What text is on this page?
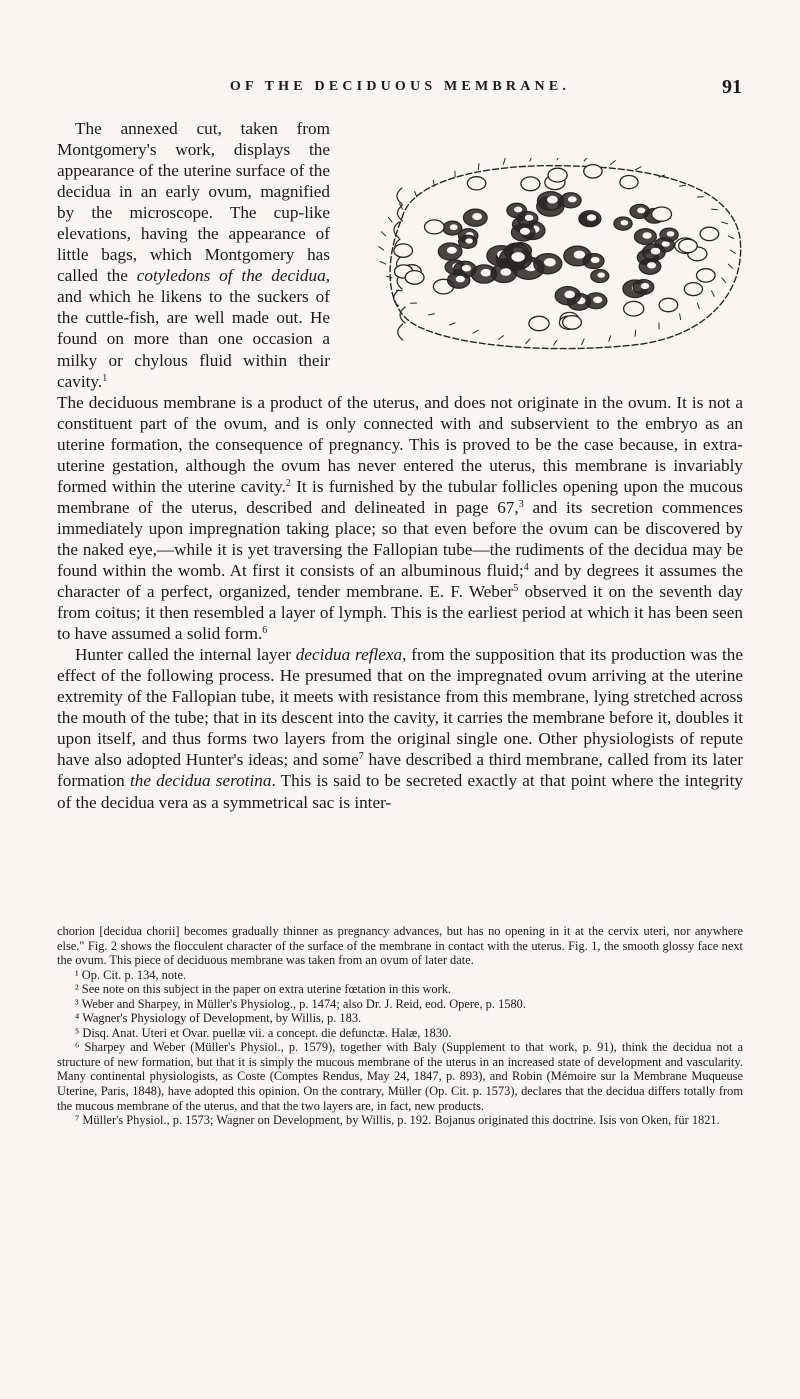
OF THE DECIDUOUS MEMBRANE.	91

The annexed cut, taken from Montgomery's work, displays the appearance of the uterine surface of the decidua in an early ovum, magnified by the microscope. The cup-like elevations, having the appearance of little bags, which Montgomery has called the cotyledons of the decidua, and which he likens to the suckers of the cuttle-fish, are well made out. He found on more than one occasion a milky or chylous fluid within their cavity.$^1$

The deciduous membrane is a product of the uterus, and does not originate in the ovum. It is not a constituent part of the ovum, and is only connected with and subservient to the embryo as an uterine formation, the consequence of pregnancy. This is proved to be the case because, in extra-uterine gestation, although the ovum has never entered the uterus, this membrane is invariably formed within the uterine cavity.$^2$ It is furnished by the tubular follicles opening upon the mucous membrane of the uterus, described and delineated in page 67,$^3$ and its secretion commences immediately upon impregnation taking place; so that even before the ovum can be discovered by the naked eye,—while it is yet traversing the Fallopian tube—the rudiments of the decidua may be found within the womb. At first it consists of an albuminous fluid;$^4$ and by degrees it assumes the character of a perfect, organized, tender membrane. E. F. Weber$^5$ observed it on the seventh day from coitus; it then resembled a layer of lymph. This is the earliest period at which it has been seen to have assumed a solid form.$^6$

Hunter called the internal layer decidua reflexa, from the supposition that its production was the effect of the following process. He presumed that on the impregnated ovum arriving at the uterine extremity of the Fallopian tube, it meets with resistance from this membrane, lying stretched across the mouth of the tube; that in its descent into the cavity, it carries the membrane before it, doubles it upon itself, and thus forms two layers from the original single one. Other physiologists of repute have also adopted Hunter's ideas; and some$^7$ have described a third membrane, called from its later formation the decidua serotina. This is said to be secreted exactly at that point where the integrity of the decidua vera as a symmetrical sac is inter-

chorion [decidua chorii] becomes gradually thinner as pregnancy advances, but has no opening in it at the cervix uteri, nor anywhere else." Fig. 2 shows the flocculent character of the surface of the membrane in contact with the uterus. Fig. 1, the smooth glossy face next the ovum. This piece of deciduous membrane was taken from an ovum of later date.

¹ Op. Cit. p. 134, note.

² See note on this subject in the paper on extra uterine fœtation in this work.

³ Weber and Sharpey, in Müller's Physiolog., p. 1474; also Dr. J. Reid, eod. Opere, p. 1580.

⁴ Wagner's Physiology of Development, by Willis, p. 183.

⁵ Disq. Anat. Uteri et Ovar. puellæ vii. a concept. die defunctæ. Halæ, 1830.

⁶ Sharpey and Weber (Müller's Physiol., p. 1579), together with Baly (Supplement to that work, p. 91), think the decidua not a structure of new formation, but that it is simply the mucous membrane of the uterus in an increased state of development and vascularity. Many continental physiologists, as Coste (Comptes Rendus, May 24, 1847, p. 893), and Robin (Mémoire sur la Membrane Muqueuse Uterine, Paris, 1848), have adopted this opinion. On the contrary, Müller (Op. Cit. p. 1573), declares that the decidua differs totally from the mucous membrane of the uterus, and that the two layers are, in fact, new products.

⁷ Müller's Physiol., p. 1573; Wagner on Development, by Willis, p. 192. Bojanus originated this doctrine. Isis von Oken, für 1821.
